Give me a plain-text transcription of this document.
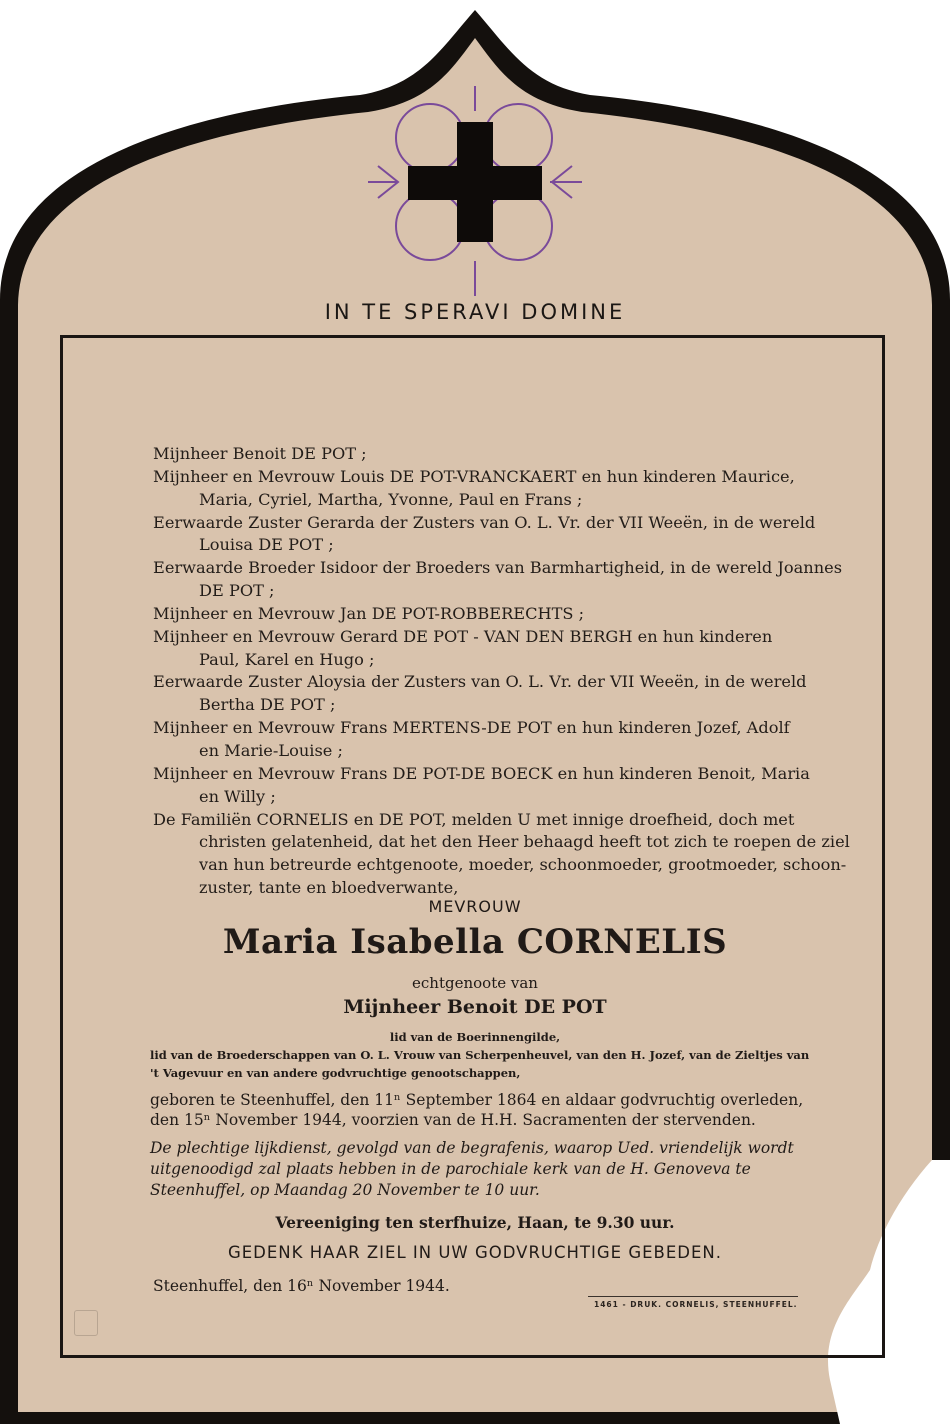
IN TE SPERAVI DOMINE
Mijnheer Benoit DE POT ;
Mijnheer en Mevrouw Louis DE POT-VRANCKAERT en hun kinderen Maurice,
Maria, Cyriel, Martha, Yvonne, Paul en Frans ;
Eerwaarde Zuster Gerarda der Zusters van O. L. Vr. der VII Weeën, in de wereld
Louisa DE POT ;
Eerwaarde Broeder Isidoor der Broeders van Barmhartigheid, in de wereld Joannes
DE POT ;
Mijnheer en Mevrouw Jan DE POT-ROBBERECHTS ;
Mijnheer en Mevrouw Gerard DE POT - VAN DEN BERGH en hun kinderen
Paul, Karel en Hugo ;
Eerwaarde Zuster Aloysia der Zusters van O. L. Vr. der VII Weeën, in de wereld
Bertha DE POT ;
Mijnheer en Mevrouw Frans MERTENS-DE POT en hun kinderen Jozef, Adolf
en Marie-Louise ;
Mijnheer en Mevrouw Frans DE POT-DE BOECK en hun kinderen Benoit, Maria
en Willy ;
De Familiën CORNELIS en DE POT, melden U met innige droefheid, doch met
christen gelatenheid, dat het den Heer behaagd heeft tot zich te roepen de ziel
van hun betreurde echtgenoote, moeder, schoonmoeder, grootmoeder, schoon-
zuster, tante en bloedverwante,
MEVROUW
Maria Isabella CORNELIS
echtgenoote van
Mijnheer Benoit DE POT
lid van de Boerinnengilde,
lid van de Broederschappen van O. L. Vrouw van Scherpenheuvel, van den H. Jozef, van de Zieltjes van 't Vagevuur en van andere godvruchtige genootschappen,
geboren te Steenhuffel, den 11ⁿ September 1864 en aldaar godvruchtig overleden, den 15ⁿ November 1944, voorzien van de H.H. Sacramenten der stervenden.
De plechtige lijkdienst, gevolgd van de begrafenis, waarop Ued. vriendelijk wordt uitgenoodigd zal plaats hebben in de parochiale kerk van de H. Genoveva te Steenhuffel, op Maandag 20 November te 10 uur.
Vereeniging ten sterfhuize, Haan, te 9.30 uur.
GEDENK HAAR ZIEL IN UW GODVRUCHTIGE GEBEDEN.
Steenhuffel, den 16ⁿ November 1944.
1461 - DRUK. CORNELIS, STEENHUFFEL.
